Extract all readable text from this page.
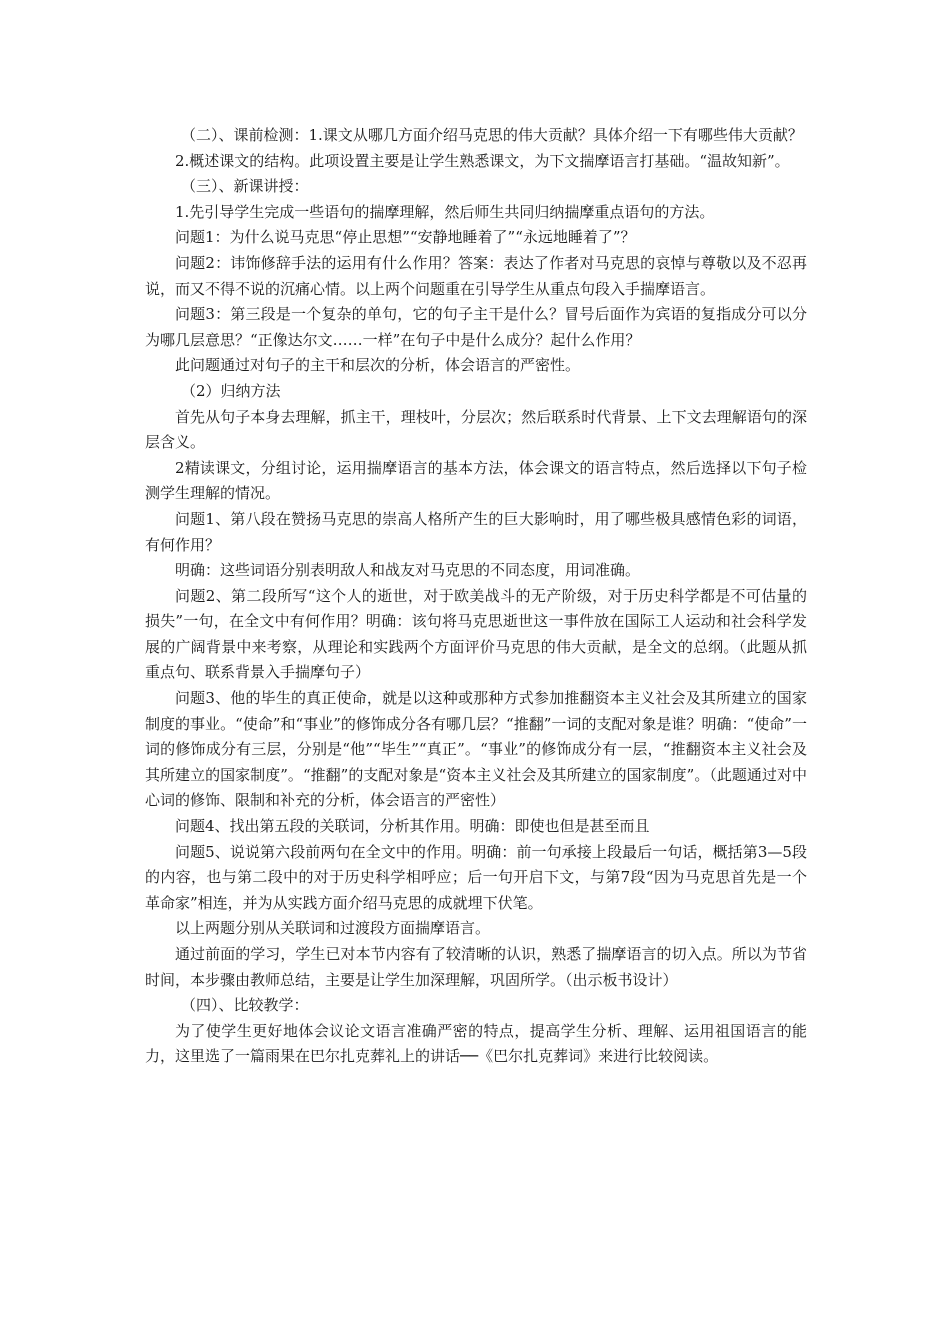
（二）、课前检测：1.课文从哪几方面介绍马克思的伟大贡献？具体介绍一下有哪些伟大贡献？

2.概述课文的结构。此项设置主要是让学生熟悉课文，为下文揣摩语言打基础。“温故知新”。

（三）、新课讲授：

1.先引导学生完成一些语句的揣摩理解，然后师生共同归纳揣摩重点语句的方法。

问题1：为什么说马克思“停止思想”“安静地睡着了”“永远地睡着了”？

问题2：讳饰修辞手法的运用有什么作用？答案：表达了作者对马克思的哀悼与尊敬以及不忍再说，而又不得不说的沉痛心情。以上两个问题重在引导学生从重点句段入手揣摩语言。

问题3：第三段是一个复杂的单句，它的句子主干是什么？冒号后面作为宾语的复指成分可以分为哪几层意思？“正像达尔文……一样”在句子中是什么成分？起什么作用？

此问题通过对句子的主干和层次的分析，体会语言的严密性。

（2）归纳方法

首先从句子本身去理解，抓主干，理枝叶，分层次；然后联系时代背景、上下文去理解语句的深层含义。

2精读课文，分组讨论，运用揣摩语言的基本方法，体会课文的语言特点，然后选择以下句子检测学生理解的情况。

问题1、第八段在赞扬马克思的崇高人格所产生的巨大影响时，用了哪些极具感情色彩的词语，有何作用？

明确：这些词语分别表明敌人和战友对马克思的不同态度，用词准确。

问题2、第二段所写“这个人的逝世，对于欧美战斗的无产阶级，对于历史科学都是不可估量的损失”一句，在全文中有何作用？明确：该句将马克思逝世这一事件放在国际工人运动和社会科学发展的广阔背景中来考察，从理论和实践两个方面评价马克思的伟大贡献，是全文的总纲。（此题从抓重点句、联系背景入手揣摩句子）

问题3、他的毕生的真正使命，就是以这种或那种方式参加推翻资本主义社会及其所建立的国家制度的事业。“使命”和“事业”的修饰成分各有哪几层？“推翻”一词的支配对象是谁？明确：“使命”一词的修饰成分有三层，分别是“他”“毕生”“真正”。“事业”的修饰成分有一层，“推翻资本主义社会及其所建立的国家制度”。“推翻”的支配对象是“资本主义社会及其所建立的国家制度”。（此题通过对中心词的修饰、限制和补充的分析，体会语言的严密性）

问题4、找出第五段的关联词，分析其作用。明确：即使也但是甚至而且

问题5、说说第六段前两句在全文中的作用。明确：前一句承接上段最后一句话，概括第3—5段的内容，也与第二段中的对于历史科学相呼应；后一句开启下文，与第7段“因为马克思首先是一个革命家”相连，并为从实践方面介绍马克思的成就埋下伏笔。

以上两题分别从关联词和过渡段方面揣摩语言。

通过前面的学习，学生已对本节内容有了较清晰的认识，熟悉了揣摩语言的切入点。所以为节省时间，本步骤由教师总结，主要是让学生加深理解，巩固所学。（出示板书设计）

（四）、比较教学：

为了使学生更好地体会议论文语言准确严密的特点，提高学生分析、理解、运用祖国语言的能力，这里选了一篇雨果在巴尔扎克葬礼上的讲话──《巴尔扎克葬词》来进行比较阅读。
